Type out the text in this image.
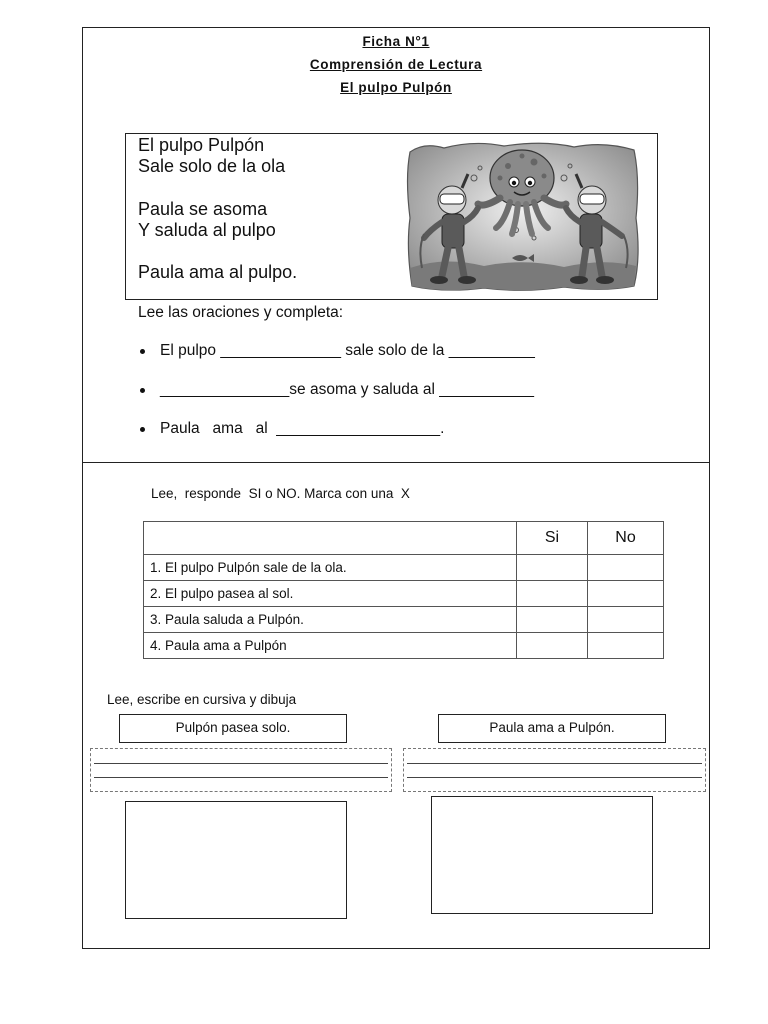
Ficha N°1
Comprensión de Lectura
El pulpo Pulpón
El pulpo Pulpón
Sale solo de la ola
Paula se asoma
Y saluda al pulpo
Paula ama al pulpo.
Lee las oraciones y completa:
El pulpo ______________ sale solo de la __________
_______________se asoma y saluda al ___________
Paula   ama   al  ___________________.
Lee,  responde  SI o NO. Marca con una  X
	Si	No
1. El pulpo Pulpón sale de la ola.		
2. El pulpo pasea al sol.		
3. Paula saluda a Pulpón.		
4. Paula ama a Pulpón		
Lee, escribe en cursiva y dibuja
Pulpón pasea solo.	Paula ama a Pulpón.
